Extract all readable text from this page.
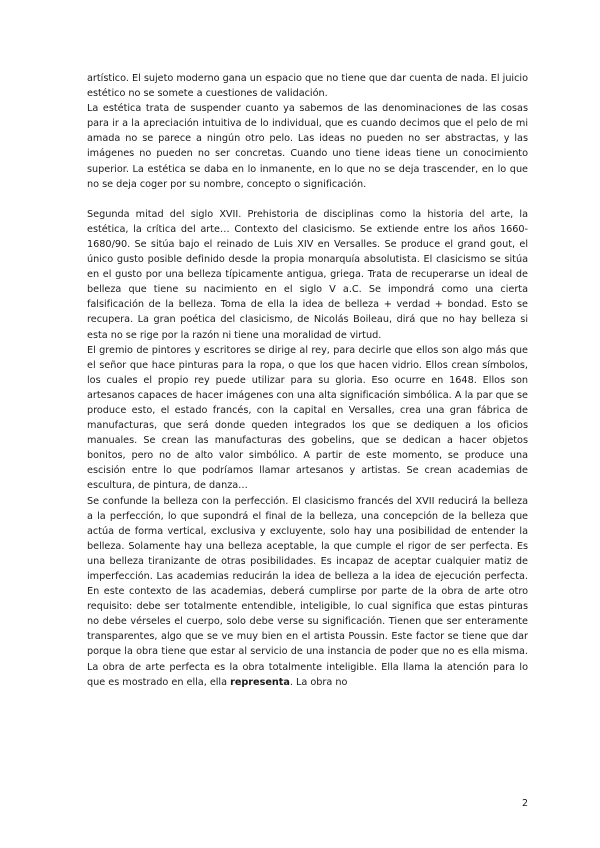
artístico. El sujeto moderno gana un espacio que no tiene que dar cuenta de nada. El juicio estético no se somete a cuestiones de validación.

La estética trata de suspender cuanto ya sabemos de las denominaciones de las cosas para ir a la apreciación intuitiva de lo individual, que es cuando decimos que el pelo de mi amada no se parece a ningún otro pelo. Las ideas no pueden no ser abstractas, y las imágenes no pueden no ser concretas. Cuando uno tiene ideas tiene un conocimiento superior. La estética se daba en lo inmanente, en lo que no se deja trascender, en lo que no se deja coger por su nombre, concepto o significación.

Segunda mitad del siglo XVII. Prehistoria de disciplinas como la historia del arte, la estética, la crítica del arte… Contexto del clasicismo. Se extiende entre los años 1660-1680/90. Se sitúa bajo el reinado de Luis XIV en Versalles. Se produce el grand gout, el único gusto posible definido desde la propia monarquía absolutista. El clasicismo se sitúa en el gusto por una belleza típicamente antigua, griega. Trata de recuperarse un ideal de belleza que tiene su nacimiento en el siglo V a.C. Se impondrá como una cierta falsificación de la belleza. Toma de ella la idea de belleza + verdad + bondad. Esto se recupera. La gran poética del clasicismo, de Nicolás Boileau, dirá que no hay belleza si esta no se rige por la razón ni tiene una moralidad de virtud.

El gremio de pintores y escritores se dirige al rey, para decirle que ellos son algo más que el señor que hace pinturas para la ropa, o que los que hacen vidrio. Ellos crean símbolos, los cuales el propio rey puede utilizar para su gloria. Eso ocurre en 1648. Ellos son artesanos capaces de hacer imágenes con una alta significación simbólica. A la par que se produce esto, el estado francés, con la capital en Versalles, crea una gran fábrica de manufacturas, que será donde queden integrados los que se dediquen a los oficios manuales. Se crean las manufacturas des gobelins, que se dedican a hacer objetos bonitos, pero no de alto valor simbólico. A partir de este momento, se produce una escisión entre lo que podríamos llamar artesanos y artistas. Se crean academias de escultura, de pintura, de danza…

Se confunde la belleza con la perfección. El clasicismo francés del XVII reducirá la belleza a la perfección, lo que supondrá el final de la belleza, una concepción de la belleza que actúa de forma vertical, exclusiva y excluyente, solo hay una posibilidad de entender la belleza. Solamente hay una belleza aceptable, la que cumple el rigor de ser perfecta. Es una belleza tiranizante de otras posibilidades. Es incapaz de aceptar cualquier matiz de imperfección. Las academias reducirán la idea de belleza a la idea de ejecución perfecta. En este contexto de las academias, deberá cumplirse por parte de la obra de arte otro requisito: debe ser totalmente entendible, inteligible, lo cual significa que estas pinturas no debe vérseles el cuerpo, solo debe verse su significación. Tienen que ser enteramente transparentes, algo que se ve muy bien en el artista Poussin. Este factor se tiene que dar porque la obra tiene que estar al servicio de una instancia de poder que no es ella misma. La obra de arte perfecta es la obra totalmente inteligible. Ella llama la atención para lo que es mostrado en ella, ella representa. La obra no

2
